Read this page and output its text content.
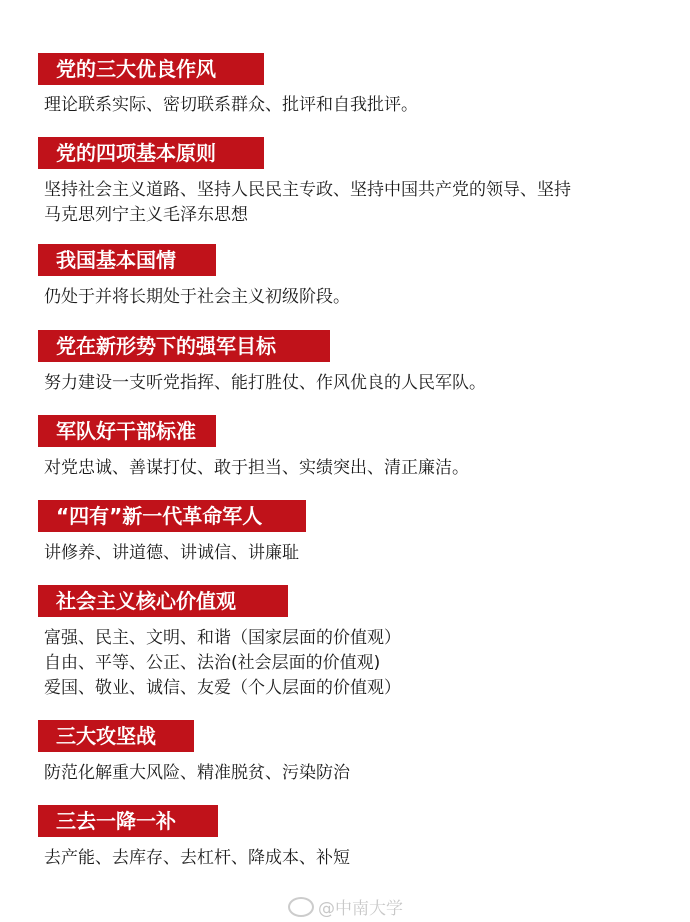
党的三大优良作风
理论联系实际、密切联系群众、批评和自我批评。
党的四项基本原则
坚持社会主义道路、坚持人民民主专政、坚持中国共产党的领导、坚持
马克思列宁主义毛泽东思想
我国基本国情
仍处于并将长期处于社会主义初级阶段。
党在新形势下的强军目标
努力建设一支听党指挥、能打胜仗、作风优良的人民军队。
军队好干部标准
对党忠诚、善谋打仗、敢于担当、实绩突出、清正廉洁。
“四有”新一代革命军人
讲修养、讲道德、讲诚信、讲廉耻
社会主义核心价值观
富强、民主、文明、和谐（国家层面的价值观）
自由、平等、公正、法治(社会层面的价值观)
爱国、敬业、诚信、友爱（个人层面的价值观）
三大攻坚战
防范化解重大风险、精准脱贫、污染防治
三去一降一补
去产能、去库存、去杠杆、降成本、补短
@中南大学
